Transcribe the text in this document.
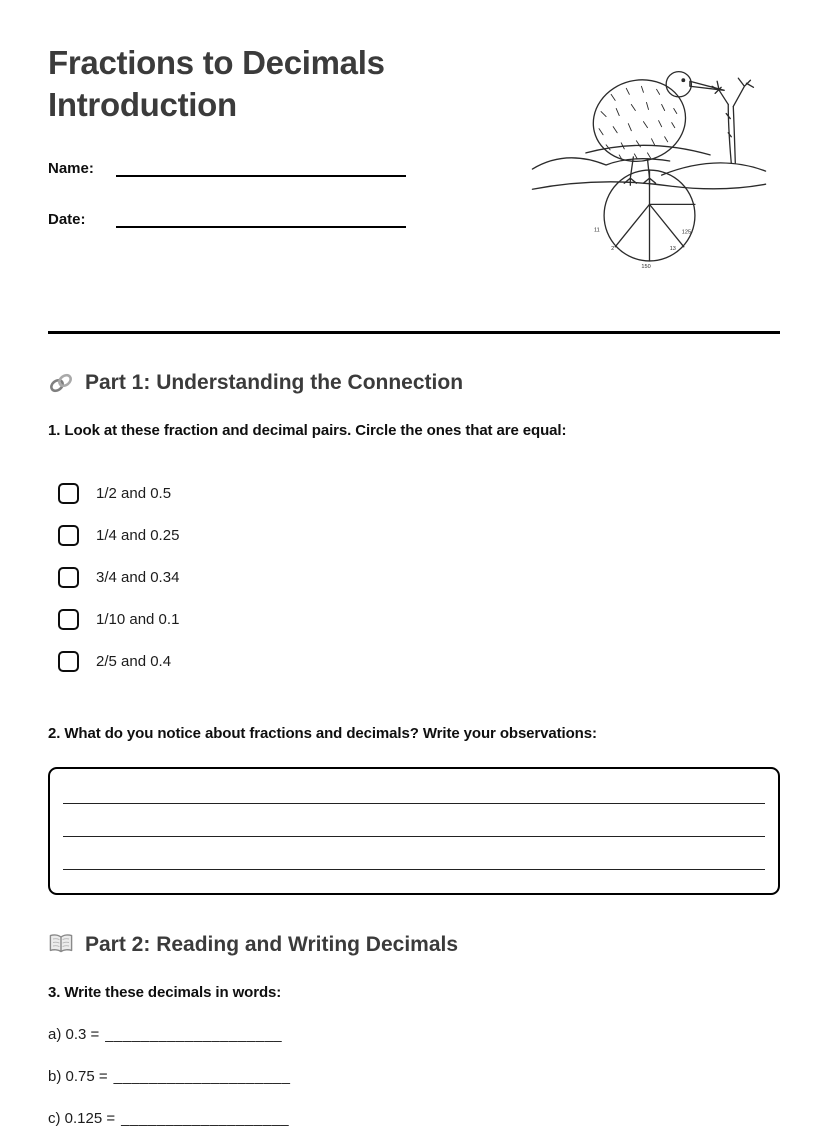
Fractions to Decimals Introduction
Name:
Date:
11
2
150
13
125
Part 1: Understanding the Connection

1. Look at these fraction and decimal pairs. Circle the ones that are equal:

1/2 and 0.5
1/4 and 0.25
3/4 and 0.34
1/10 and 0.1
2/5 and 0.4

2. What do you notice about fractions and decimals? Write your observations:

Part 2: Reading and Writing Decimals

3. Write these decimals in words:

a) 0.3 = ____________________

b) 0.75 = ____________________

c) 0.125 = ___________________
